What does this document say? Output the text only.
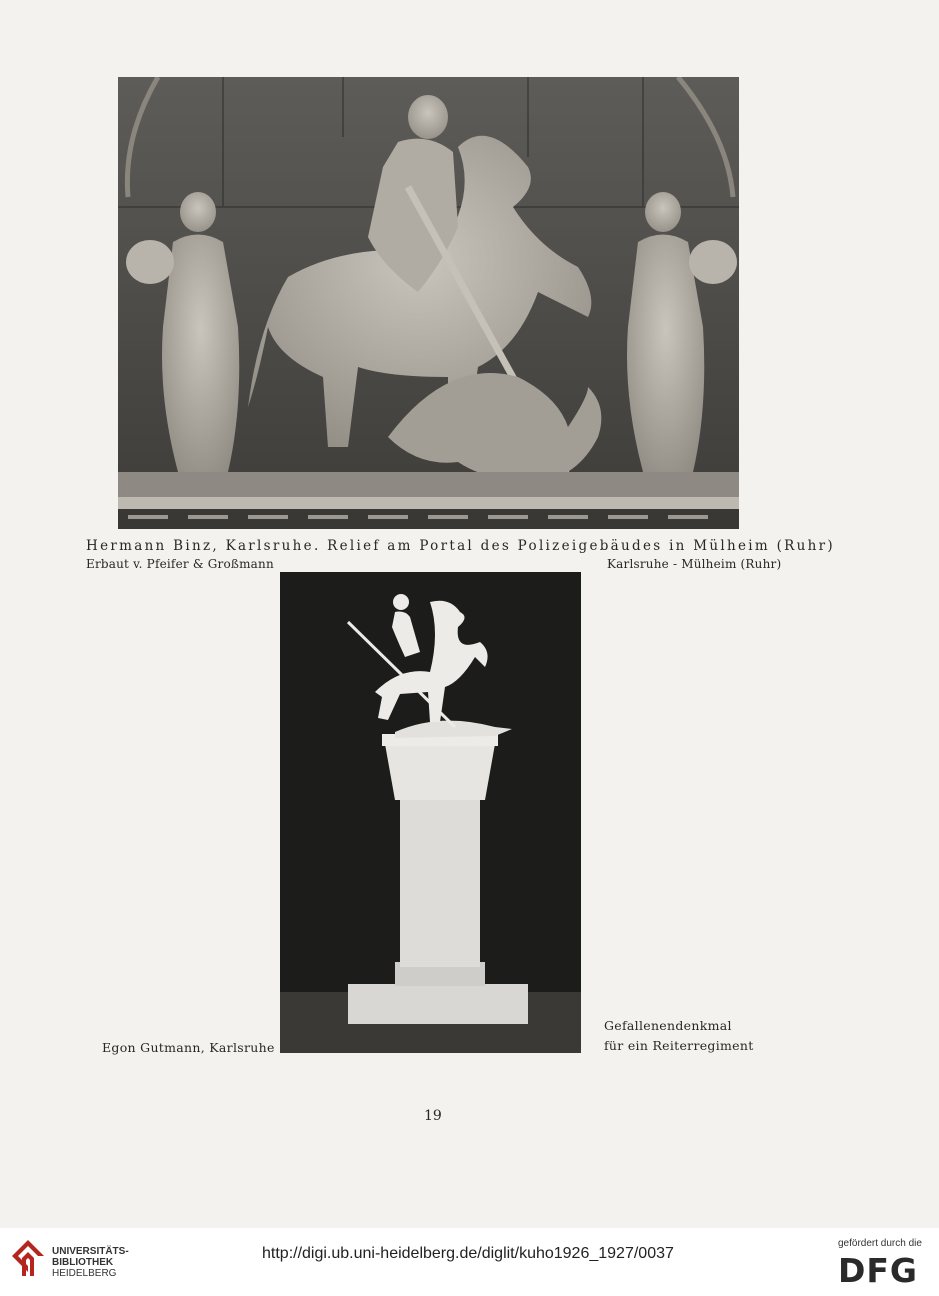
Hermann Binz, Karlsruhe. Relief am Portal des Polizeigebäudes in Mülheim (Ruhr)
Erbaut v. Pfeifer & Großmann	Karlsruhe - Mülheim (Ruhr)
Egon Gutmann, Karlsruhe
Gefallenendenkmal
für ein Reiterregiment
19
UNIVERSITÄTS-
BIBLIOTHEK
HEIDELBERG
http://digi.ub.uni-heidelberg.de/diglit/kuho1926_1927/0037
gefördert durch die
DFG
